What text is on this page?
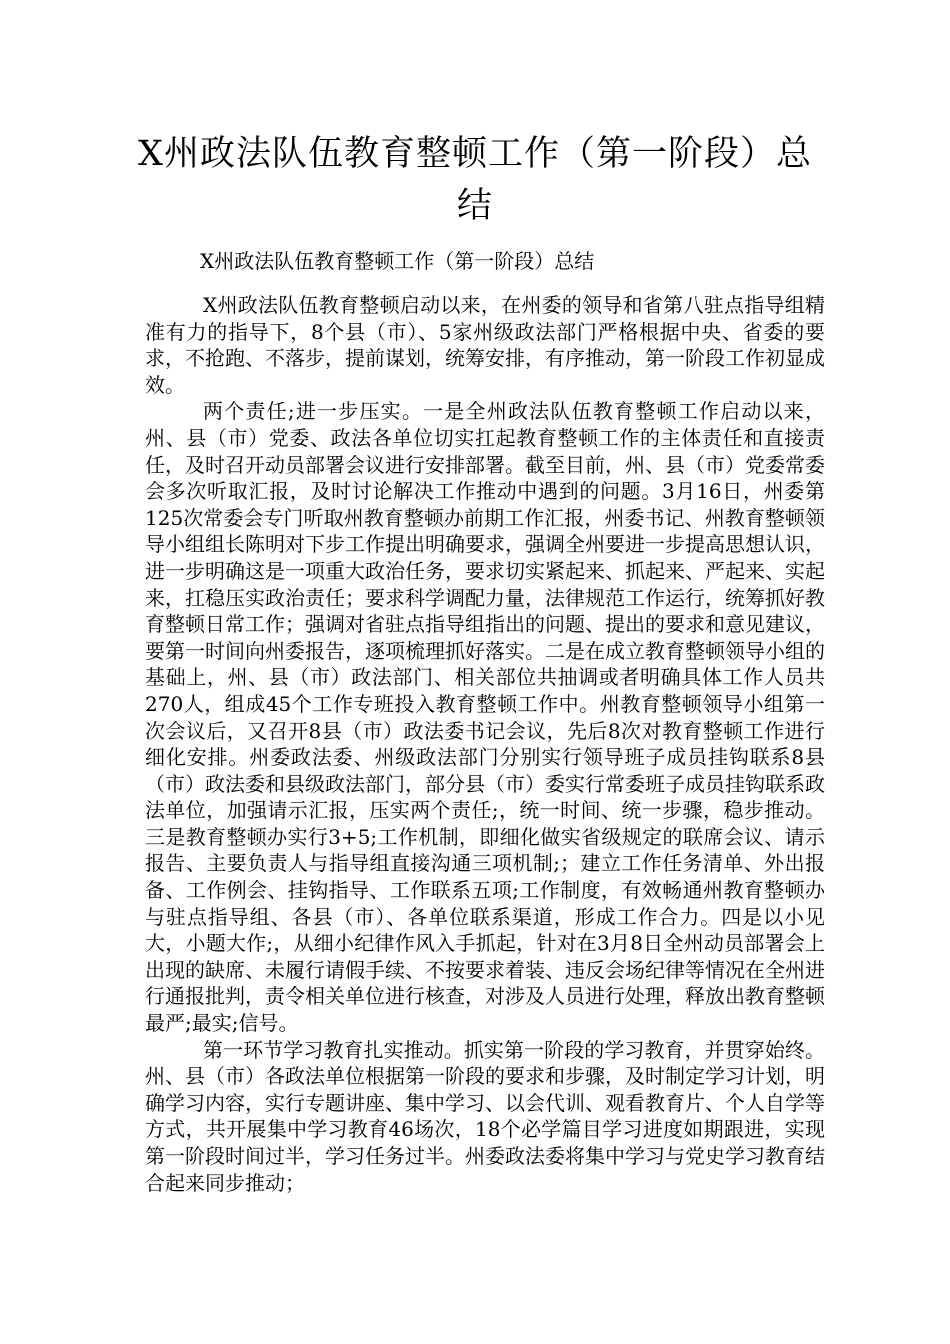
X州政法队伍教育整顿工作（第一阶段）总结
X州政法队伍教育整顿工作（第一阶段）总结

X州政法队伍教育整顿启动以来，在州委的领导和省第八驻点指导组精准有力的指导下，8个县（市）、5家州级政法部门严格根据中央、省委的要求，不抢跑、不落步，提前谋划，统筹安排，有序推动，第一阶段工作初显成效。

两个责任;进一步压实。一是全州政法队伍教育整顿工作启动以来，州、县（市）党委、政法各单位切实扛起教育整顿工作的主体责任和直接责任，及时召开动员部署会议进行安排部署。截至目前，州、县（市）党委常委会多次听取汇报，及时讨论解决工作推动中遇到的问题。3月16日，州委第125次常委会专门听取州教育整顿办前期工作汇报，州委书记、州教育整顿领导小组组长陈明对下步工作提出明确要求，强调全州要进一步提高思想认识，进一步明确这是一项重大政治任务，要求切实紧起来、抓起来、严起来、实起来，扛稳压实政治责任；要求科学调配力量，法律规范工作运行，统筹抓好教育整顿日常工作；强调对省驻点指导组指出的问题、提出的要求和意见建议，要第一时间向州委报告，逐项梳理抓好落实。二是在成立教育整顿领导小组的基础上，州、县（市）政法部门、相关部位共抽调或者明确具体工作人员共270人，组成45个工作专班投入教育整顿工作中。州教育整顿领导小组第一次会议后，又召开8县（市）政法委书记会议，先后8次对教育整顿工作进行细化安排。州委政法委、州级政法部门分别实行领导班子成员挂钩联系8县（市）政法委和县级政法部门，部分县（市）委实行常委班子成员挂钩联系政法单位，加强请示汇报，压实两个责任;，统一时间、统一步骤，稳步推动。三是教育整顿办实行3+5;工作机制，即细化做实省级规定的联席会议、请示报告、主要负责人与指导组直接沟通三项机制;；建立工作任务清单、外出报备、工作例会、挂钩指导、工作联系五项;工作制度，有效畅通州教育整顿办与驻点指导组、各县（市）、各单位联系渠道，形成工作合力。四是以小见大，小题大作;，从细小纪律作风入手抓起，针对在3月8日全州动员部署会上出现的缺席、未履行请假手续、不按要求着装、违反会场纪律等情况在全州进行通报批判，责令相关单位进行核查，对涉及人员进行处理，释放出教育整顿最严;最实;信号。

第一环节学习教育扎实推动。抓实第一阶段的学习教育，并贯穿始终。州、县（市）各政法单位根据第一阶段的要求和步骤，及时制定学习计划，明确学习内容，实行专题讲座、集中学习、以会代训、观看教育片、个人自学等方式，共开展集中学习教育46场次，18个必学篇目学习进度如期跟进，实现第一阶段时间过半，学习任务过半。州委政法委将集中学习与党史学习教育结合起来同步推动；
